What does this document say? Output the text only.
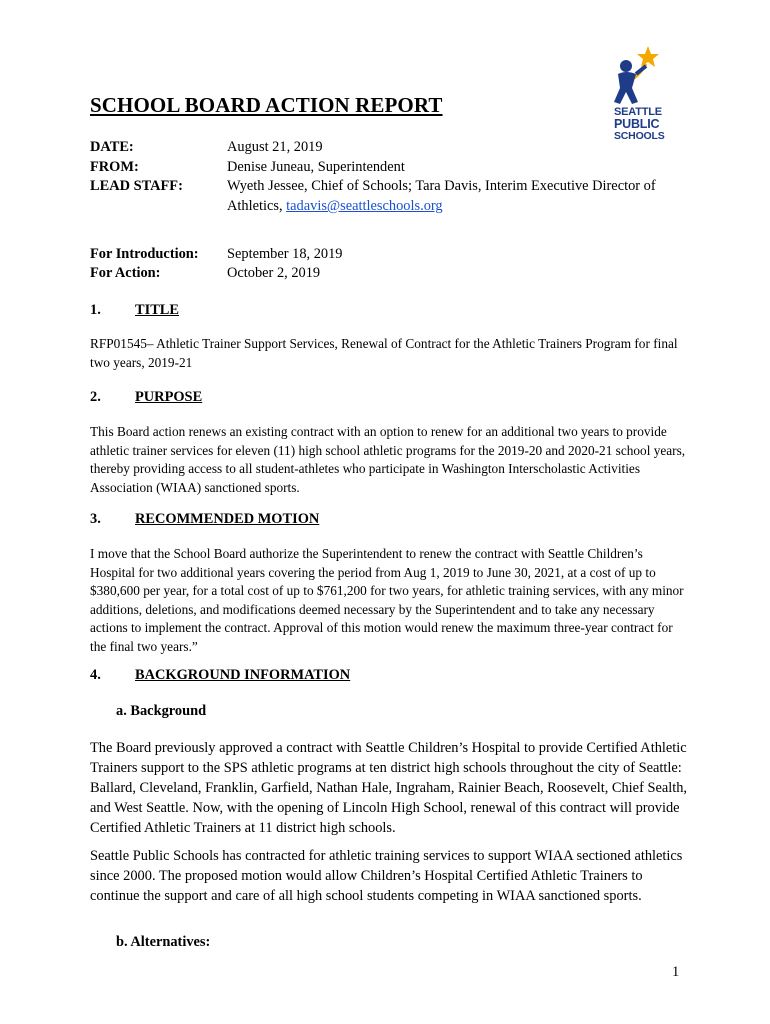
SEATTLE
PUBLIC
SCHOOLS
SCHOOL BOARD ACTION REPORT
DATE:	August 21, 2019
FROM:	Denise Juneau, Superintendent
LEAD STAFF:	Wyeth Jessee, Chief of Schools; Tara Davis, Interim Executive Director of Athletics, tadavis@seattleschools.org
For Introduction: September 18, 2019
For Action:	October 2, 2019
1. TITLE
RFP01545– Athletic Trainer Support Services, Renewal of Contract for the Athletic Trainers Program for final two years, 2019-21
2. PURPOSE
This Board action renews an existing contract with an option to renew for an additional two years to provide athletic trainer services for eleven (11) high school athletic programs for the 2019-20 and 2020-21 school years, thereby providing access to all student-athletes who participate in Washington Interscholastic Activities Association (WIAA) sanctioned sports.
3. RECOMMENDED MOTION
I move that the School Board authorize the Superintendent to renew the contract with Seattle Children’s Hospital for two additional years covering the period from Aug 1, 2019 to June 30, 2021, at a cost of up to $380,600 per year, for a total cost of up to $761,200 for two years, for athletic training services, with any minor additions, deletions, and modifications deemed necessary by the Superintendent and to take any necessary actions to implement the contract. Approval of this motion would renew the maximum three-year contract for the final two years.”
4. BACKGROUND INFORMATION
a. Background
The Board previously approved a contract with Seattle Children’s Hospital to provide Certified Athletic Trainers support to the SPS athletic programs at ten district high schools throughout the city of Seattle: Ballard, Cleveland, Franklin, Garfield, Nathan Hale, Ingraham, Rainier Beach, Roosevelt, Chief Sealth, and West Seattle. Now, with the opening of Lincoln High School, renewal of this contract will provide Certified Athletic Trainers at 11 district high schools.
Seattle Public Schools has contracted for athletic training services to support WIAA sectioned athletics since 2000. The proposed motion would allow Children’s Hospital Certified Athletic Trainers to continue the support and care of all high school students competing in WIAA sanctioned sports.
b. Alternatives:
1
